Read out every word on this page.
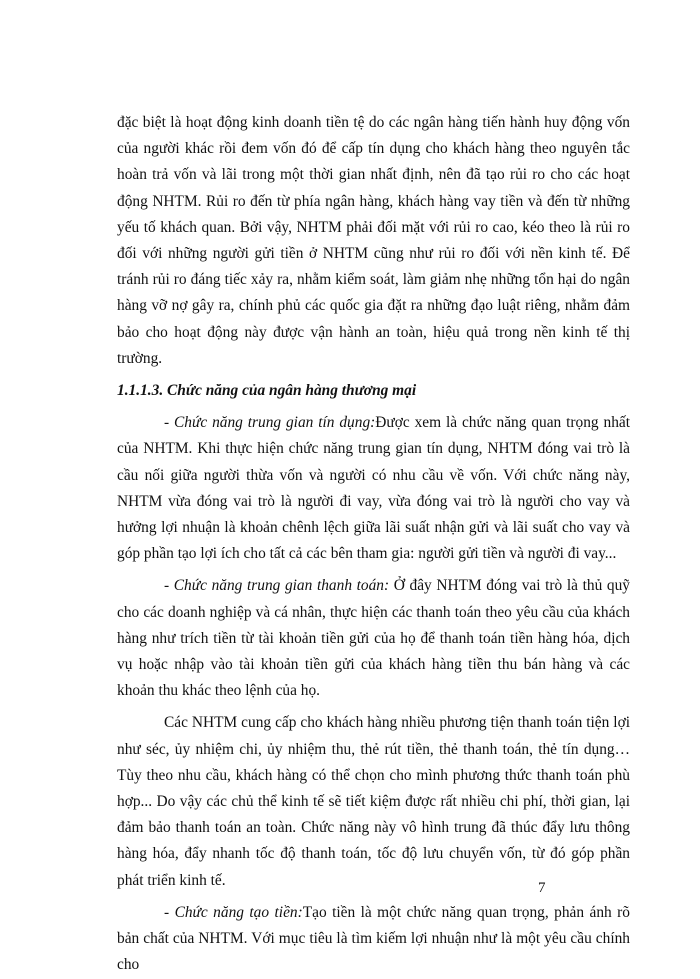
đặc biệt là hoạt động kinh doanh tiền tệ do các ngân hàng tiến hành huy động vốn của người khác rồi đem vốn đó để cấp tín dụng cho khách hàng theo nguyên tắc hoàn trả vốn và lãi trong một thời gian nhất định, nên đã tạo rủi ro cho các hoạt động NHTM. Rủi ro đến từ phía ngân hàng, khách hàng vay tiền và đến từ những yếu tố khách quan. Bởi vậy, NHTM phải đối mặt với rủi ro cao, kéo theo là rủi ro đối với những người gửi tiền ở NHTM cũng như rủi ro đối với nền kinh tế. Để tránh rủi ro đáng tiếc xảy ra, nhằm kiểm soát, làm giảm nhẹ những tổn hại do ngân hàng vỡ nợ gây ra, chính phủ các quốc gia đặt ra những đạo luật riêng, nhằm đảm bảo cho hoạt động này được vận hành an toàn, hiệu quả trong nền kinh tế thị trường.

1.1.1.3. Chức năng của ngân hàng thương mại

- Chức năng trung gian tín dụng:Được xem là chức năng quan trọng nhất của NHTM. Khi thực hiện chức năng trung gian tín dụng, NHTM đóng vai trò là cầu nối giữa người thừa vốn và người có nhu cầu về vốn. Với chức năng này, NHTM vừa đóng vai trò là người đi vay, vừa đóng vai trò là người cho vay và hưởng lợi nhuận là khoản chênh lệch giữa lãi suất nhận gửi và lãi suất cho vay và góp phần tạo lợi ích cho tất cả các bên tham gia: người gửi tiền và người đi vay...

- Chức năng trung gian thanh toán: Ở đây NHTM đóng vai trò là thủ quỹ cho các doanh nghiệp và cá nhân, thực hiện các thanh toán theo yêu cầu của khách hàng như trích tiền từ tài khoản tiền gửi của họ để thanh toán tiền hàng hóa, dịch vụ hoặc nhập vào tài khoản tiền gửi của khách hàng tiền thu bán hàng và các khoản thu khác theo lệnh của họ.

Các NHTM cung cấp cho khách hàng nhiều phương tiện thanh toán tiện lợi như séc, ủy nhiệm chi, ủy nhiệm thu, thẻ rút tiền, thẻ thanh toán, thẻ tín dụng… Tùy theo nhu cầu, khách hàng có thể chọn cho mình phương thức thanh toán phù hợp... Do vậy các chủ thể kinh tế sẽ tiết kiệm được rất nhiều chi phí, thời gian, lại đảm bảo thanh toán an toàn. Chức năng này vô hình trung đã thúc đẩy lưu thông hàng hóa, đẩy nhanh tốc độ thanh toán, tốc độ lưu chuyển vốn, từ đó góp phần phát triển kinh tế.

- Chức năng tạo tiền:Tạo tiền là một chức năng quan trọng, phản ánh rõ bản chất của NHTM. Với mục tiêu là tìm kiếm lợi nhuận như là một yêu cầu chính cho

7
